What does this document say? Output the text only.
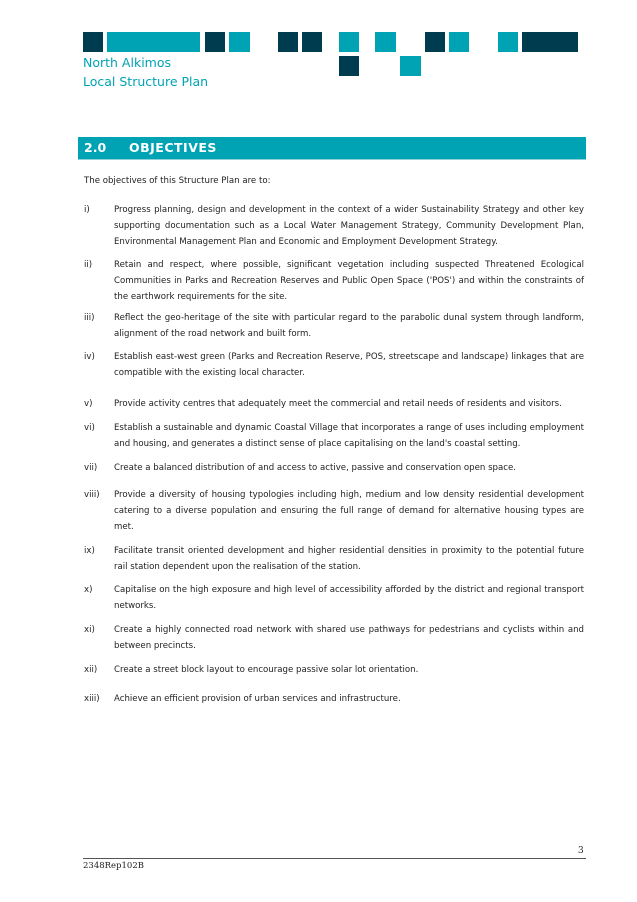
North Alkimos
Local Structure Plan
2.0 OBJECTIVES
The objectives of this Structure Plan are to:
i)	Progress planning, design and development in the context of a wider Sustainability Strategy and other key supporting documentation such as a Local Water Management Strategy, Community Development Plan, Environmental Management Plan and Economic and Employment Development Strategy.
ii)	Retain and respect, where possible, significant vegetation including suspected Threatened Ecological Communities in Parks and Recreation Reserves and Public Open Space ('POS') and within the constraints of the earthwork requirements for the site.
iii) Reflect the geo-heritage of the site with particular regard to the parabolic dunal system through landform, alignment of the road network and built form.
iv) Establish east-west green (Parks and Recreation Reserve, POS, streetscape and landscape) linkages that are compatible with the existing local character.
v)	Provide activity centres that adequately meet the commercial and retail needs of residents and visitors.
vi) Establish a sustainable and dynamic Coastal Village that incorporates a range of uses including employment and housing, and generates a distinct sense of place capitalising on the land's coastal setting.
vii) Create a balanced distribution of and access to active, passive and conservation open space.
viii) Provide a diversity of housing typologies including high, medium and low density residential development catering to a diverse population and ensuring the full range of demand for alternative housing types are met.
ix) Facilitate transit oriented development and higher residential densities in proximity to the potential future rail station dependent upon the realisation of the station.
x)	Capitalise on the high exposure and high level of accessibility afforded by the district and regional transport networks.
xi) Create a highly connected road network with shared use pathways for pedestrians and cyclists within and between precincts.
xii) Create a street block layout to encourage passive solar lot orientation.
xiii) Achieve an efficient provision of urban services and infrastructure.
3
2348Rep102B
